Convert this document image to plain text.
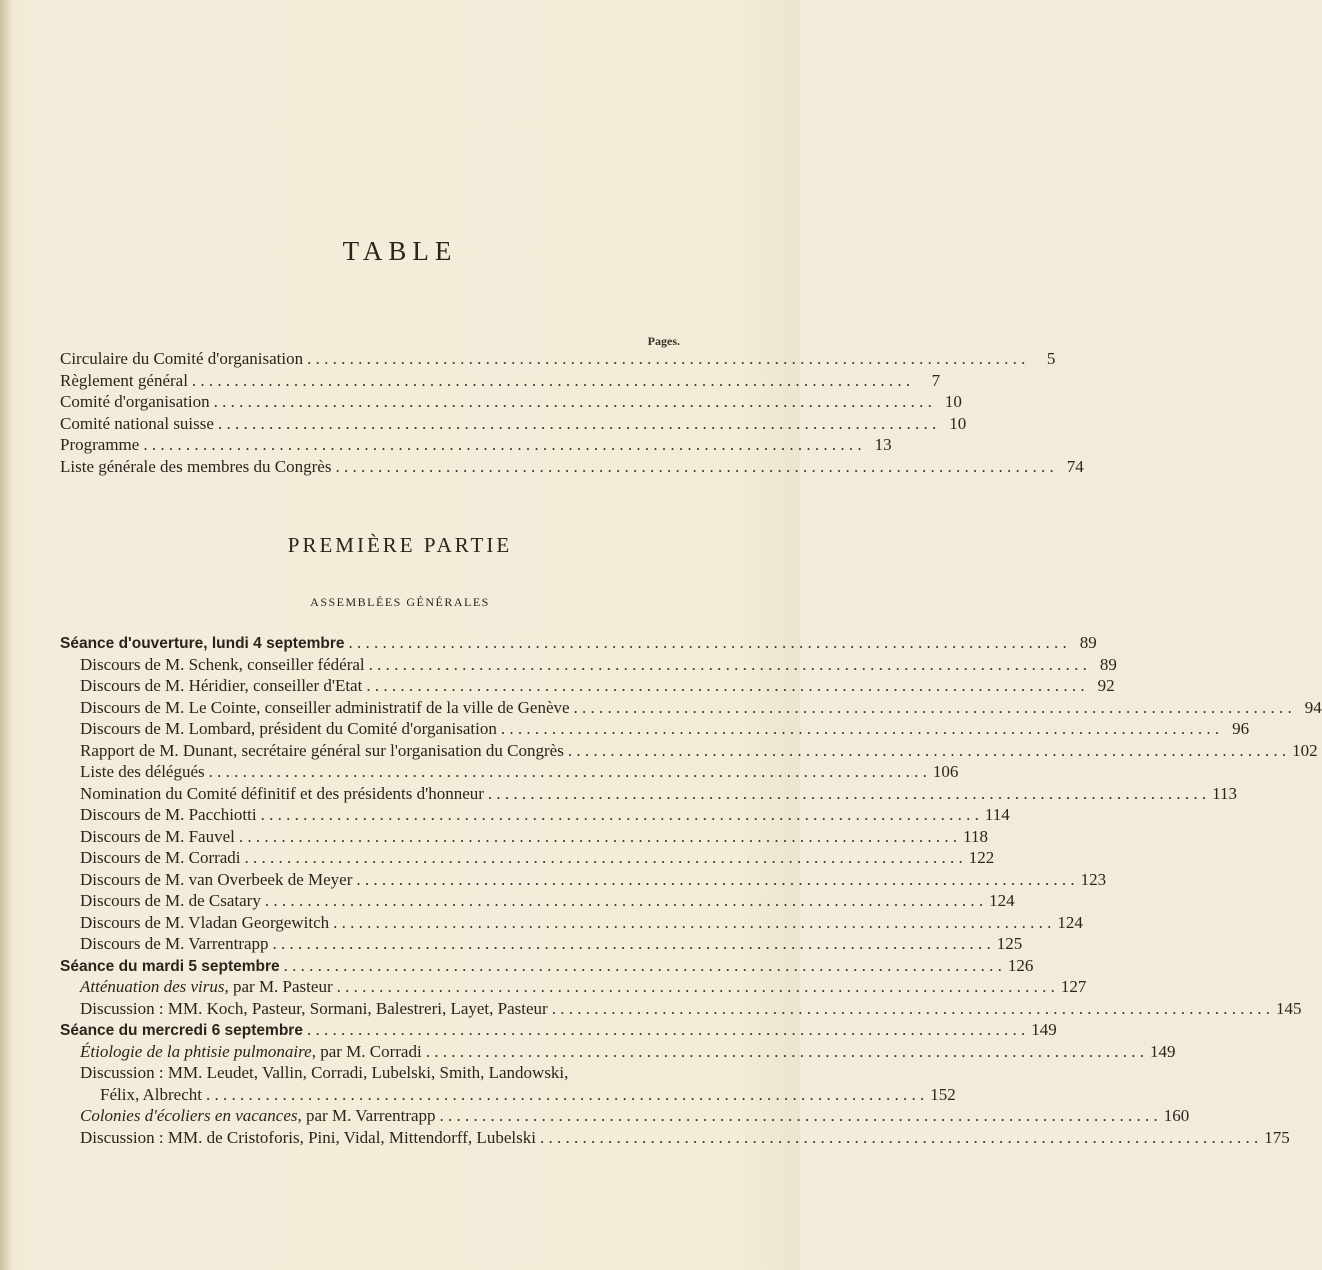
TABLE
Pages.
Circulaire du Comité d'organisation . . .	5
Règlement général . . .	7
Comité d'organisation . . .	10
Comité national suisse . . .	10
Programme . . .	13
Liste générale des membres du Congrès . . .	74
PREMIÈRE PARTIE
ASSEMBLÉES GÉNÉRALES
Séance d'ouverture, lundi 4 septembre . . .	89
Discours de M. Schenk, conseiller fédéral . . .	89
Discours de M. Héridier, conseiller d'Etat . . .	92
Discours de M. Le Cointe, conseiller administratif de la ville de Genève . . .	94
Discours de M. Lombard, président du Comité d'organisation . . .	96
Rapport de M. Dunant, secrétaire général sur l'organisation du Congrès . . .	102
Liste des délégués . . .	106
Nomination du Comité définitif et des présidents d'honneur . . .	113
Discours de M. Pacchiotti . . .	114
Discours de M. Fauvel . . .	118
Discours de M. Corradi . . .	122
Discours de M. van Overbeek de Meyer . . .	123
Discours de M. de Csatary . . .	124
Discours de M. Vladan Georgewitch . . .	124
Discours de M. Varrentrapp . . .	125
Séance du mardi 5 septembre . . .	126
Atténuation des virus, par M. Pasteur . . .	127
Discussion : MM. Koch, Pasteur, Sormani, Balestreri, Layet, Pasteur . . .	145
Séance du mercredi 6 septembre . . .	149
Étiologie de la phtisie pulmonaire, par M. Corradi . . .	149
Discussion : MM. Leudet, Vallin, Corradi, Lubelski, Smith, Landowski,
Félix, Albrecht . . .	152
Colonies d'écoliers en vacances, par M. Varrentrapp . . .	160
Discussion : MM. de Cristoforis, Pini, Vidal, Mittendorff, Lubelski . . .	175
